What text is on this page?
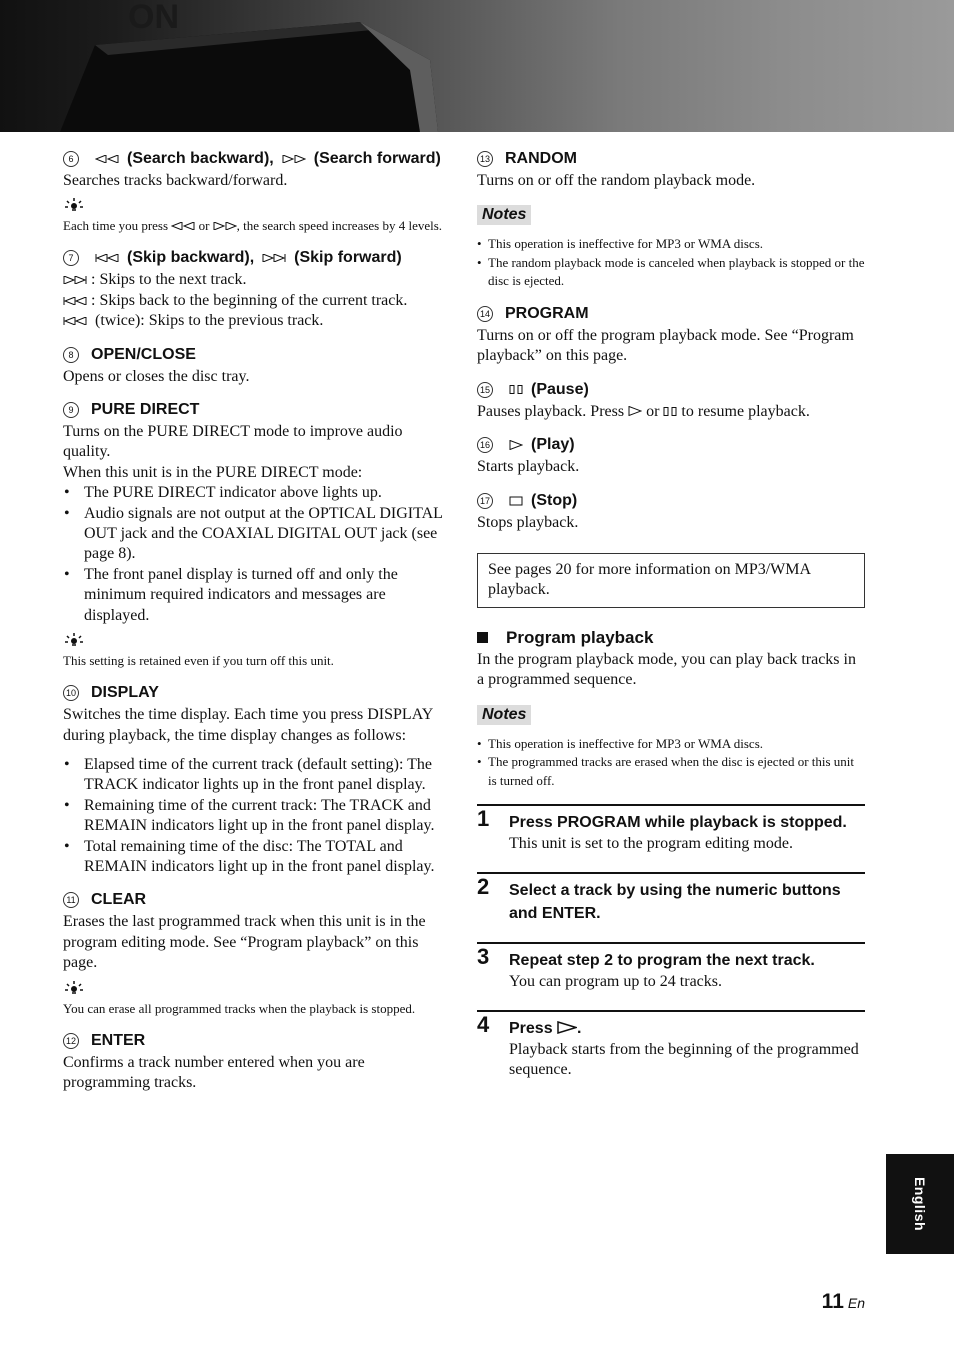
ON
6	(Search backward),	(Search forward)

Searches tracks backward/forward.

Each time you press or , the search speed increases by 4 levels.

7	(Skip backward),	(Skip forward)

: Skips to the next track.

: Skips back to the beginning of the current track.

(twice): Skips to the previous track.

8	OPEN/CLOSE

Opens or closes the disc tray.

9	PURE DIRECT

Turns on the PURE DIRECT mode to improve audio quality.

When this unit is in the PURE DIRECT mode:

• The PURE DIRECT indicator above lights up.
• Audio signals are not output at the OPTICAL DIGITAL OUT jack and the COAXIAL DIGITAL OUT jack (see page 8).
• The front panel display is turned off and only the minimum required indicators and messages are displayed.

This setting is retained even if you turn off this unit.

10 DISPLAY

Switches the time display. Each time you press DISPLAY during playback, the time display changes as follows:

• Elapsed time of the current track (default setting): The TRACK indicator lights up in the front panel display.
• Remaining time of the current track: The TRACK and REMAIN indicators light up in the front panel display.
• Total remaining time of the disc: The TOTAL and REMAIN indicators light up in the front panel display.
11 CLEAR

Erases the last programmed track when this unit is in the program editing mode. See “Program playback” on this page.

You can erase all programmed tracks when the playback is stopped.

12 ENTER

Confirms a track number entered when you are programming tracks.

13 RANDOM

Turns on or off the random playback mode.

Notes
• This operation is ineffective for MP3 or WMA discs.
• The random playback mode is canceled when playback is stopped or the disc is ejected.
14 PROGRAM

Turns on or off the program playback mode. See “Program playback” on this page.

15	(Pause)

Pauses playback. Press or to resume playback.

16	(Play)

Starts playback.

17	(Stop)

Stops playback.

See pages 20 for more information on MP3/WMA playback.

Program playback

In the program playback mode, you can play back tracks in a programmed sequence.

Notes
• This operation is ineffective for MP3 or WMA discs.
• The programmed tracks are erased when the disc is ejected or this unit is turned off.
1 Press PROGRAM while playback is stopped.
This unit is set to the program editing mode.
2 Select a track by using the numeric buttons and ENTER.
3 Repeat step 2 to program the next track.
You can program up to 24 tracks.
4 Press .
Playback starts from the beginning of the programmed sequence.
English
11 En
